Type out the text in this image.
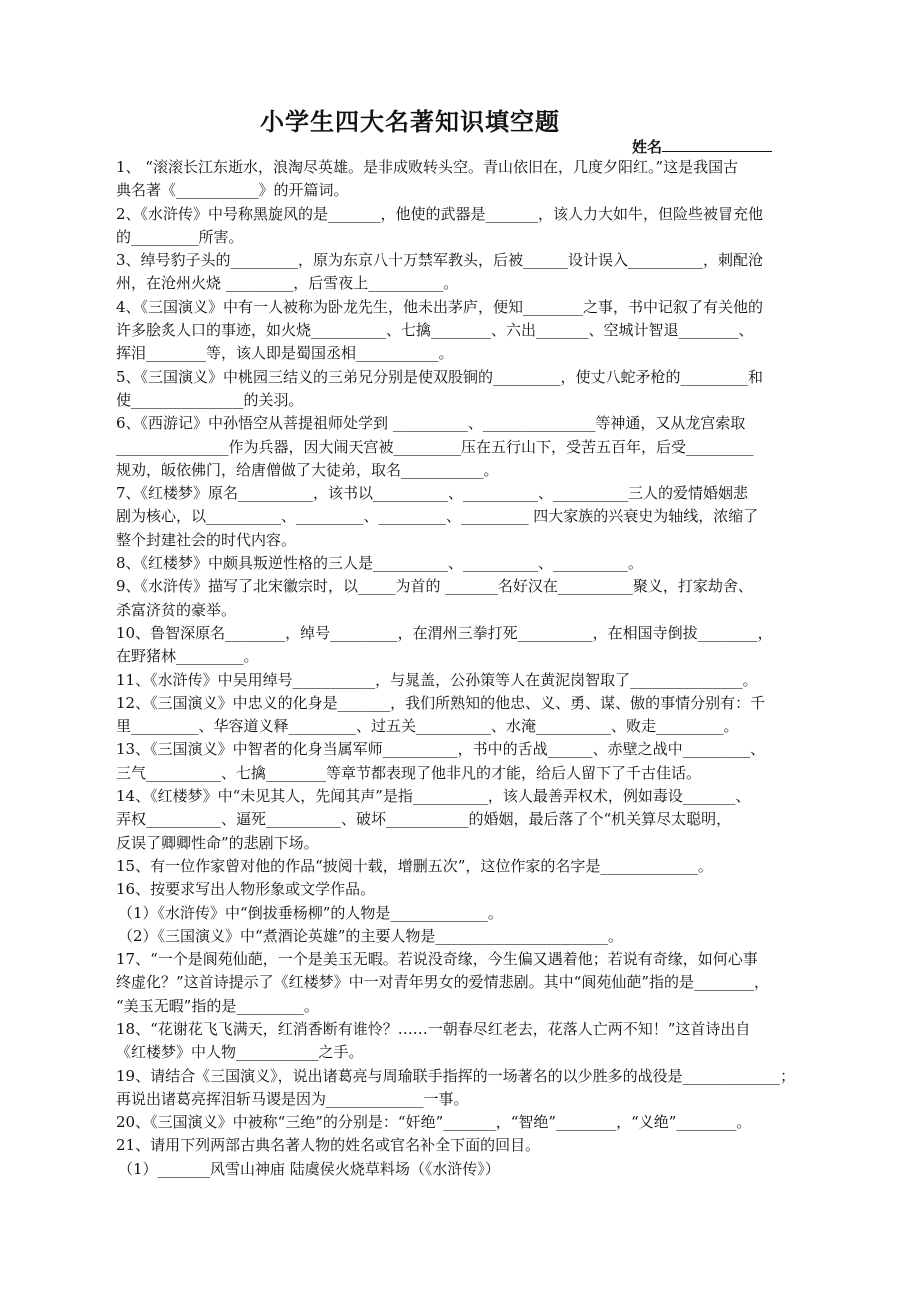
小学生四大名著知识填空题
姓名
1、 “滚滚长江东逝水，浪淘尽英雄。是非成败转头空。青山依旧在，几度夕阳红。”这是我国古
典名著《___________》的开篇词。
2、《水浒传》中号称黑旋风的是_______，他使的武器是_______，该人力大如牛，但险些被冒充他
的_________所害。
3、绰号豹子头的_________，原为东京八十万禁军教头，后被______设计误入__________，刺配沧
州，在沧州火烧 _________，后雪夜上__________。
4、《三国演义》中有一人被称为卧龙先生，他未出茅庐，便知________之事，书中记叙了有关他的
许多脍炙人口的事迹，如火烧__________、七擒________、六出_______、空城计智退________、
挥泪________等，该人即是蜀国丞相___________。
5、《三国演义》中桃园三结义的三弟兄分别是使双股锏的_________，使丈八蛇矛枪的_________和
使_______________的关羽。
6、《西游记》中孙悟空从菩提祖师处学到 __________、_______________等神通，又从龙宫索取
_______________作为兵器，因大闹天宫被_________压在五行山下，受苦五百年，后受_________
规劝，皈依佛门，给唐僧做了大徒弟，取名___________。
7、《红楼梦》原名__________，该书以__________、__________、__________三人的爱情婚姻悲
剧为核心，以__________、_________、_________、_________ 四大家族的兴衰史为轴线，浓缩了
整个封建社会的时代内容。
8、《红楼梦》中颇具叛逆性格的三人是__________、__________、__________。
9、《水浒传》描写了北宋徽宗时，以_____为首的 _______名好汉在__________聚义，打家劫舍、
杀富济贫的豪举。
10、鲁智深原名________，绰号_________，在渭州三拳打死__________，在相国寺倒拔________，
在野猪林_________。
11、《水浒传》中吴用绰号___________，与晁盖，公孙策等人在黄泥岗智取了_______________。
12、《三国演义》中忠义的化身是_______，我们所熟知的他忠、义、勇、谋、傲的事情分别有：千
里_________、华容道义释_________、过五关__________、水淹__________、败走_________。
13、《三国演义》中智者的化身当属军师__________，书中的舌战______、赤壁之战中_________、
三气__________、七擒________等章节都表现了他非凡的才能，给后人留下了千古佳话。
14、《红楼梦》中“未见其人，先闻其声”是指__________，该人最善弄权术，例如毒设_______、
弄权__________、逼死__________、破坏___________的婚姻，最后落了个“机关算尽太聪明，
反误了卿卿性命”的悲剧下场。
15、有一位作家曾对他的作品“披阅十载，增删五次”，这位作家的名字是_____________。
16、按要求写出人物形象或文学作品。
（1）《水浒传》中“倒拔垂杨柳”的人物是_____________。
（2）《三国演义》中“煮酒论英雄”的主要人物是_______________________。
17、“一个是阆苑仙葩，一个是美玉无暇。若说没奇缘，今生偏又遇着他；若说有奇缘，如何心事
终虚化？”这首诗提示了《红楼梦》中一对青年男女的爱情悲剧。其中“阆苑仙葩”指的是________，
“美玉无暇”指的是_________。
18、“花谢花飞飞满天，红消香断有谁怜？……一朝春尽红老去，花落人亡两不知！”这首诗出自
《红楼梦》中人物___________之手。
19、请结合《三国演义》，说出诸葛亮与周瑜联手指挥的一场著名的以少胜多的战役是_____________；
再说出诸葛亮挥泪斩马谡是因为_____________一事。
20、《三国演义》中被称“三绝”的分别是：“奸绝”_______，“智绝”________，“义绝”________。
21、请用下列两部古典名著人物的姓名或官名补全下面的回目。
（1）_______风雪山神庙 陆虞侯火烧草料场（《水浒传》）
